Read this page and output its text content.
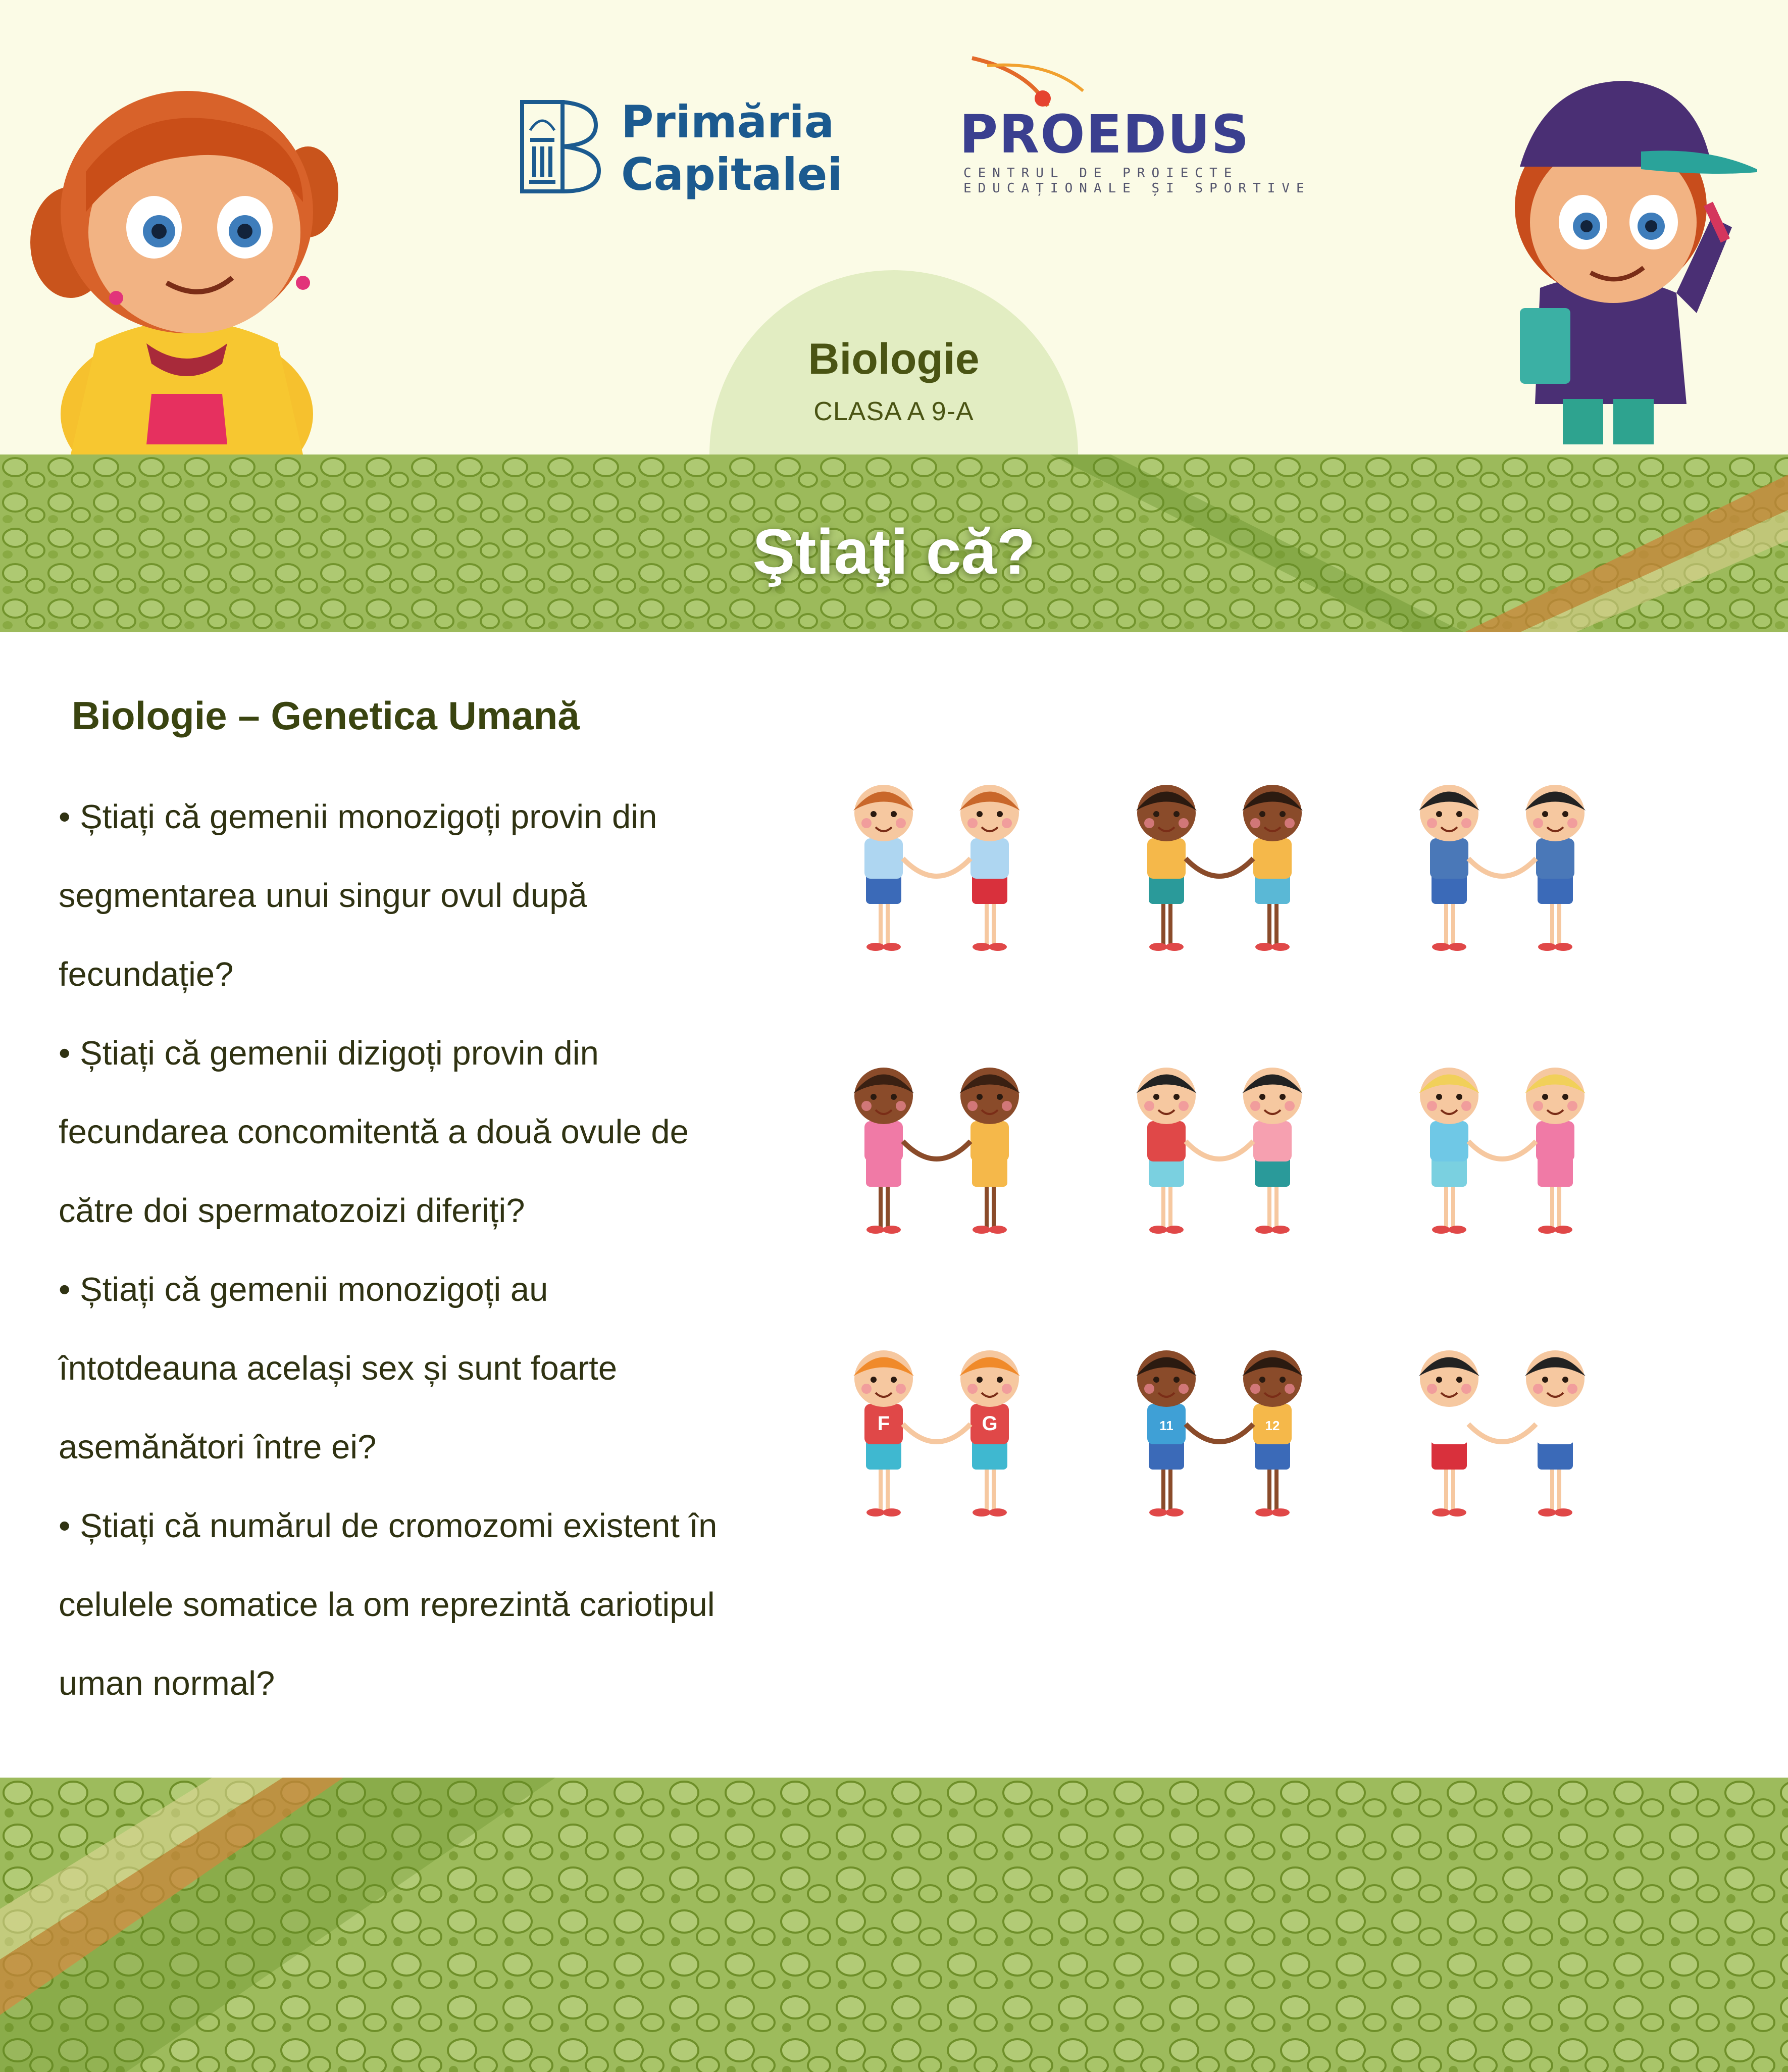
Primăria
Capitalei
PROEDUS
CENTRUL DE PROIECTE
EDUCAȚIONALE ȘI SPORTIVE
Biologie
CLASA A 9-A
Ştiaţi că?
Biologie – Genetica Umană
• Știați că gemenii monozigoți provin din
segmentarea unui singur ovul după
fecundație?
• Știați că gemenii dizigoți provin din
fecundarea concomitentă a două ovule de
către doi spermatozoizi diferiți?
• Știați că gemenii monozigoți au
întotdeauna același sex și sunt foarte
asemănători între ei?
• Știați că numărul de cromozomi existent în
celulele somatice la om reprezintă cariotipul
uman normal?
F	G	11	12
